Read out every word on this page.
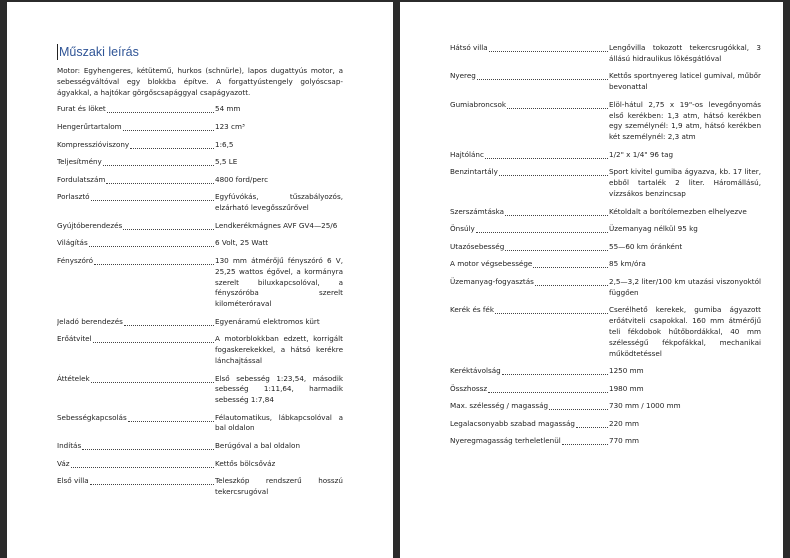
Műszaki leírás
Motor: Egyhengeres, kétütemű, hurkos (schnürle), lapos dugattyús motor, a sebességváltóval egy blokkba építve. A forgattyústengely golyóscsap-ágyakkal, a hajtókar görgőscsapággyal csapágyazott.
Furat és löket	54 mm
Hengerűrtartalom	123 cm³
Kompresszióviszony	1:6,5
Teljesítmény	5,5 LE
Fordulatszám	4800 ford/perc
Porlasztó	Egyfúvókás, tűszabályozós, elzárható levegősszűrővel
Gyújtóberendezés	Lendkerékmágnes AVF GV4—25/6
Világítás	6 Volt, 25 Watt
Fényszóró	130 mm átmérőjű fényszóró 6 V, 25,25 wattos égővel, a kormányra szerelt biluxkapcsolóval, a fényszóróba szerelt kilométeróraval
Jeladó berendezés	Egyenáramú elektromos kürt
Erőátvitel	A motorblokkban edzett, korrigált fogaskerekekkel, a hátsó kerékre lánchajtással
Áttételek	Első sebesség 1:23,54, második sebesség 1:11,64, harmadik sebesség 1:7,84
Sebességkapcsolás	Félautomatikus, lábkapcsolóval a bal oldalon
Indítás	Berúgóval a bal oldalon
Váz	Kettős bölcsőváz
Első villa	Teleszkóp rendszerű hosszú tekercsrugóval
Hátsó villa	Lengővilla tokozott tekercsrugókkal, 3 állású hidraulikus lökésgátlóval
Nyereg	Kettős sportnyereg laticel gumival, műbőr bevonattal
Gumiabroncsok	Elöl-hátul 2,75 x 19"-os levegőnyomás első kerékben: 1,3 atm, hátsó kerékben egy személynél: 1,9 atm, hátsó kerékben két személynél: 2,3 atm
Hajtólánc	1/2" x 1/4" 96 tag
Benzintartály	Sport kivitel gumiba ágyazva, kb. 17 liter, ebből tartalék 2 liter. Háromállású, vízzsákos benzincsap
Szerszámtáska	Kétoldalt a borítólemezben elhelyezve
Önsúly	Üzemanyag nélkül 95 kg
Utazósebesség	55—60 km óránként
A motor végsebessége	85 km/óra
Üzemanyag-fogyasztás	2,5—3,2 liter/100 km utazási viszonyoktól függően
Kerék és fék	Cserélhető kerekek, gumiba ágyazott erőátviteli csapokkal. 160 mm átmérőjű teli fékdobok hűtőbordákkal, 40 mm szélességű fékpofákkal, mechanikai működtetéssel
Keréktávolság	1250 mm
Összhossz	1980 mm
Max. szélesség / magasság	730 mm / 1000 mm
Legalacsonyabb szabad magasság	220 mm
Nyeregmagasság terheletlenül	770 mm
